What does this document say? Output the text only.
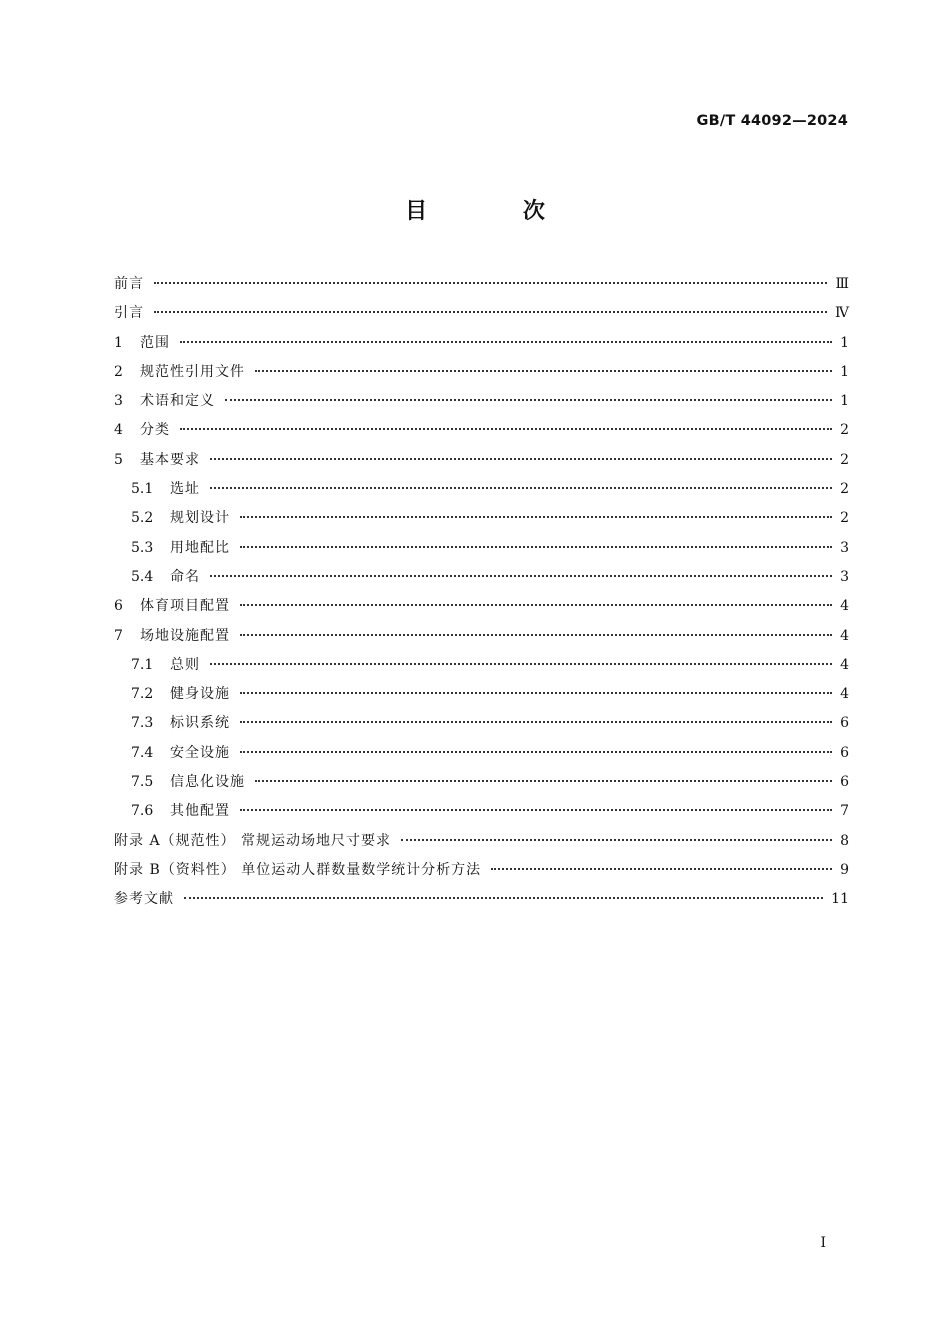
GB/T 44092—2024
目 次
前言	Ⅲ
引言	Ⅳ
1	范围	1
2	规范性引用文件	1
3	术语和定义	1
4	分类	2
5	基本要求	2
5.1	选址	2
5.2	规划设计	2
5.3	用地配比	3
5.4	命名	3
6	体育项目配置	4
7	场地设施配置	4
7.1	总则	4
7.2	健身设施	4
7.3	标识系统	6
7.4	安全设施	6
7.5	信息化设施	6
7.6	其他配置	7
附录 A（规范性） 常规运动场地尺寸要求	8
附录 B（资料性） 单位运动人群数量数学统计分析方法	9
参考文献	11
I
